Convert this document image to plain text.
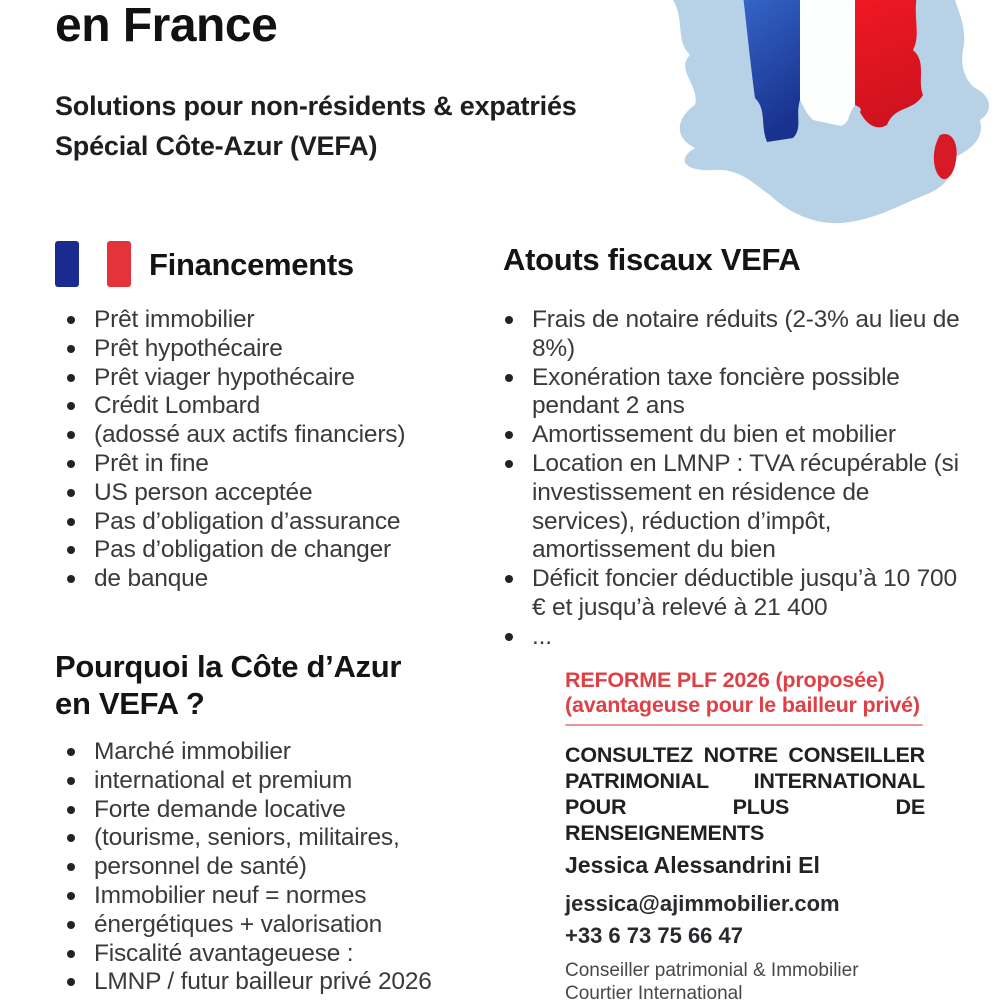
en France
Solutions pour non-résidents & expatriés
Spécial Côte-Azur (VEFA)
Financements
Prêt immobilier
Prêt hypothécaire
Prêt viager hypothécaire
Crédit Lombard
(adossé aux actifs financiers)
Prêt in fine
US person acceptée
Pas d’obligation d’assurance
Pas d’obligation de changer
de banque
Pourquoi la Côte d’Azur
en VEFA ?
Marché immobilier
international et premium
Forte demande locative
(tourisme, seniors, militaires,
personnel de santé)
Immobilier neuf = normes
énergétiques + valorisation
Fiscalité avantageuese :
LMNP / futur bailleur privé 2026
Atouts fiscaux VEFA
Frais de notaire réduits (2-3% au lieu de 8%)
Exonération taxe foncière possible pendant 2 ans
Amortissement du bien et mobilier
Location en LMNP : TVA récupérable (si investissement en résidence de services), réduction d’impôt, amortissement du bien
Déficit foncier déductible jusqu’à 10 700 € et jusqu’à relevé à 21 400
...
REFORME PLF 2026 (proposée)
(avantageuse pour le bailleur privé)
CONSULTEZ NOTRE CONSEILLER
PATRIMONIAL INTERNATIONAL
POUR PLUS DE RENSEIGNEMENTS
Jessica Alessandrini El
jessica@ajimmobilier.com
+33 6 73 75 66 47
Conseiller patrimonial & Immobilier
Courtier International
